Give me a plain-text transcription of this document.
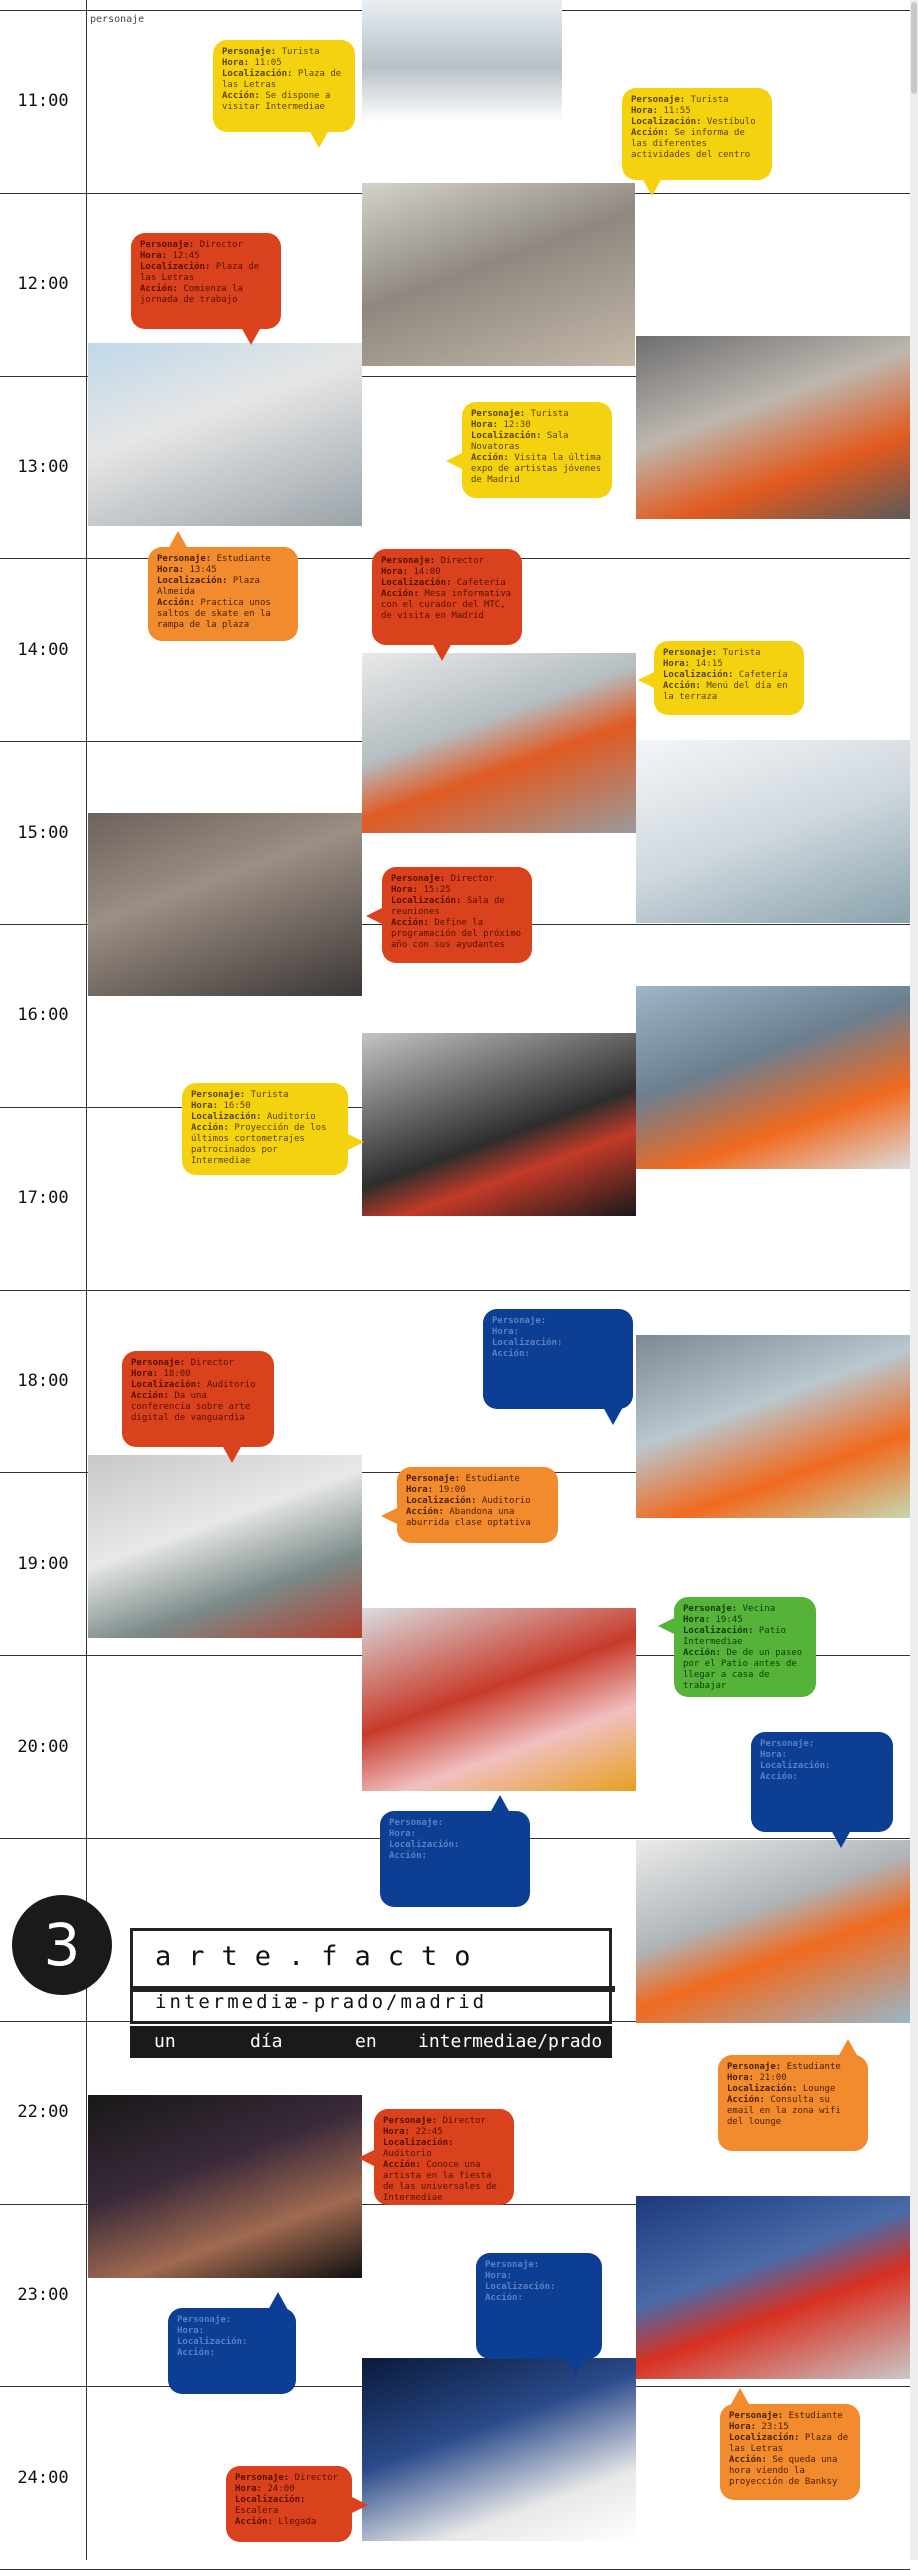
personaje
11:00
12:00
13:00
14:00
15:00
16:00
17:00
18:00
19:00
20:00
22:00
23:00
24:00
Personaje: Turista
Hora: 11:05
Localización: Plaza de las Letras
Acción: Se dispone a visitar Intermediae
Personaje: Turista
Hora: 11:55
Localización: Vestíbulo
Acción: Se informa de las diferentes actividades del centro
Personaje: Director
Hora: 12:45
Localización: Plaza de las Letras
Acción: Comienza la jornada de trabajo
Personaje: Turista
Hora: 12:30
Localización: Sala Novatoras
Acción: Visita la última expo de artistas jóvenes de Madrid
Personaje: Estudiante
Hora: 13:45
Localización: Plaza Almeida
Acción: Practica unos saltos de skate en la rampa de la plaza
Personaje: Director
Hora: 14:00
Localización: Cafetería
Acción: Mesa informativa con el curador del MTC, de visita en Madrid
Personaje: Turista
Hora: 14:15
Localización: Cafetería
Acción: Menú del día en la terraza
Personaje: Director
Hora: 15:25
Localización: Sala de reuniones
Acción: Define la programación del próximo año con sus ayudantes
Personaje: Turista
Hora: 16:50
Localización: Auditorio
Acción: Proyección de los últimos cortometrajes patrocinados por Intermediae
Personaje:
Hora:
Localización:
Acción:
Personaje: Director
Hora: 18:00
Localización: Auditorio
Acción: Da una conferencia sobre arte digital de vanguardia
Personaje: Estudiante
Hora: 19:00
Localización: Auditorio
Acción: Abandona una aburrida clase optativa
Personaje: Vecina
Hora: 19:45
Localización: Patio Intermediae
Acción: De de un paseo por el Patio antes de llegar a casa de trabajar
Personaje:
Hora:
Localización:
Acción:
Personaje:
Hora:
Localización:
Acción:
Personaje: Estudiante
Hora: 21:00
Localización: Lounge
Acción: Consulta su email en la zona wifi del lounge
Personaje: Director
Hora: 22:45
Localización: Auditorio
Acción: Conoce una artista en la fiesta de las universales de Intermediae
Personaje:
Hora:
Localización:
Acción:
Personaje:
Hora:
Localización:
Acción:
Personaje: Estudiante
Hora: 23:15
Localización: Plaza de las Letras
Acción: Se queda una hora viendo la proyección de Banksy
Personaje: Director
Hora: 24:00
Localización: Escalera
Acción: Llegada
3	arte.facto
intermediæ-prado/madrid
un	día	en intermediae/prado
